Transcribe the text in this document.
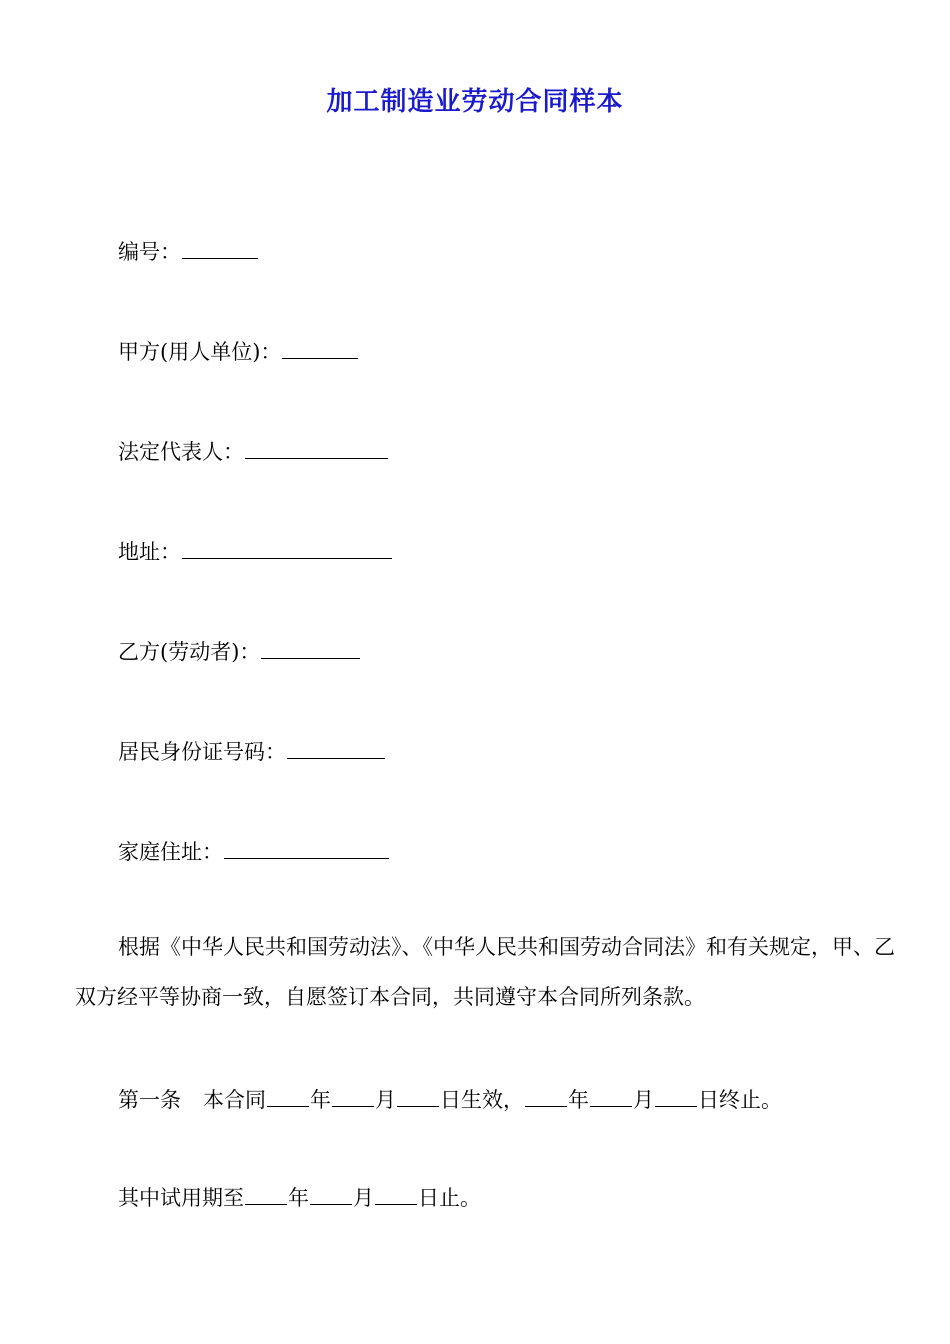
加工制造业劳动合同样本
编号：
甲方(用人单位)：
法定代表人：
地址：
乙方(劳动者)：
居民身份证号码：
家庭住址：
根据《中华人民共和国劳动法》、《中华人民共和国劳动合同法》和有关规定，甲、乙双方经平等协商一致，自愿签订本合同，共同遵守本合同所列条款。
第一条 本合同 年 月 日生效， 年 月 日终止。
其中试用期至 年 月 日止。
